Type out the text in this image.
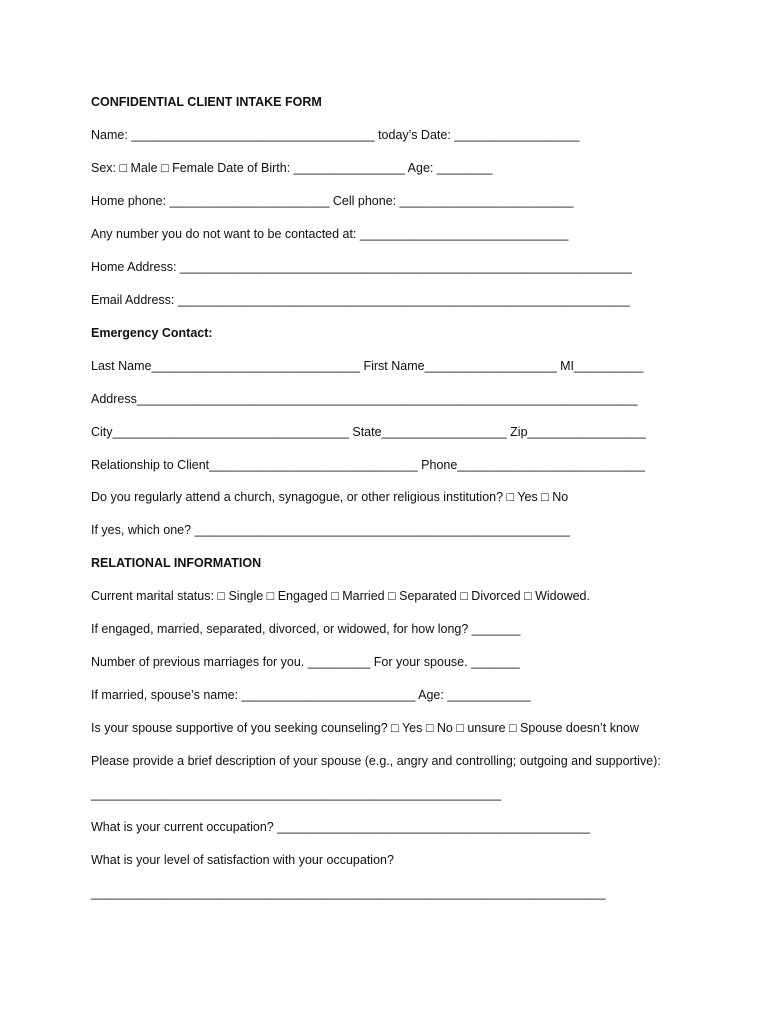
CONFIDENTIAL CLIENT INTAKE FORM
Name: ___________________________________ today’s Date: __________________
Sex: □ Male □ Female Date of Birth: ________________ Age: ________
Home phone: _______________________ Cell phone: _________________________
Any number you do not want to be contacted at: ______________________________
Home Address: _________________________________________________________________
Email Address: _________________________________________________________________
Emergency Contact:
Last Name______________________________ First Name___________________ MI__________
Address________________________________________________________________________
City__________________________________ State__________________ Zip_________________
Relationship to Client______________________________ Phone___________________________
Do you regularly attend a church, synagogue, or other religious institution? □ Yes □ No
If yes, which one? ______________________________________________________
RELATIONAL INFORMATION
Current marital status: □ Single □ Engaged □ Married □ Separated □ Divorced □ Widowed.
If engaged, married, separated, divorced, or widowed, for how long? _______
Number of previous marriages for you. _________ For your spouse. _______
If married, spouse’s name: _________________________ Age: ____________
Is your spouse supportive of you seeking counseling? □ Yes □ No □ unsure □ Spouse doesn’t know
Please provide a brief description of your spouse (e.g., angry and controlling; outgoing and supportive):
___________________________________________________________
What is your current occupation? _____________________________________________
What is your level of satisfaction with your occupation?
__________________________________________________________________________
